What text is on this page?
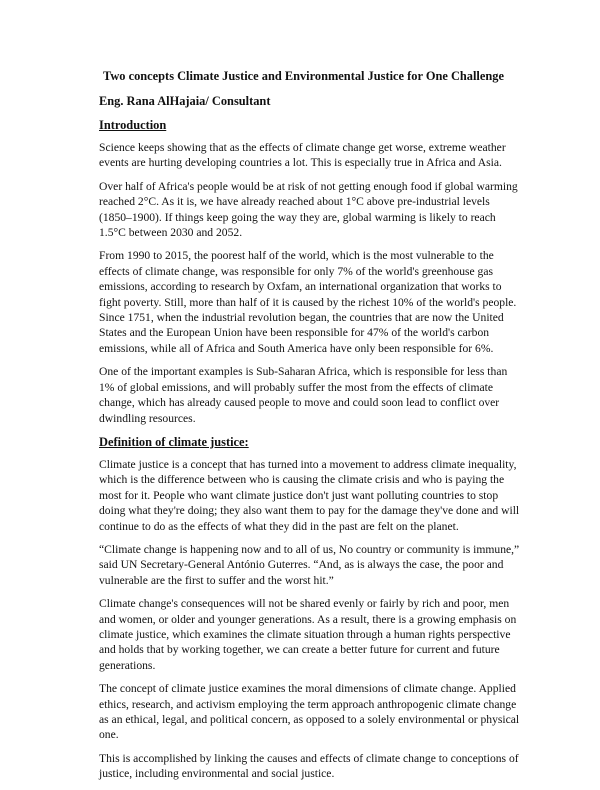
Two concepts Climate Justice and Environmental Justice for One Challenge
Eng. Rana AlHajaia/ Consultant
Introduction

Science keeps showing that as the effects of climate change get worse, extreme weather events are hurting developing countries a lot. This is especially true in Africa and Asia.

Over half of Africa's people would be at risk of not getting enough food if global warming reached 2°C. As it is, we have already reached about 1°C above pre-industrial levels (1850–1900). If things keep going the way they are, global warming is likely to reach 1.5°C between 2030 and 2052.

From 1990 to 2015, the poorest half of the world, which is the most vulnerable to the effects of climate change, was responsible for only 7% of the world's greenhouse gas emissions, according to research by Oxfam, an international organization that works to fight poverty. Still, more than half of it is caused by the richest 10% of the world's people. Since 1751, when the industrial revolution began, the countries that are now the United States and the European Union have been responsible for 47% of the world's carbon emissions, while all of Africa and South America have only been responsible for 6%.

One of the important examples is Sub-Saharan Africa, which is responsible for less than 1% of global emissions, and will probably suffer the most from the effects of climate change, which has already caused people to move and could soon lead to conflict over dwindling resources.

Definition of climate justice:

Climate justice is a concept that has turned into a movement to address climate inequality, which is the difference between who is causing the climate crisis and who is paying the most for it. People who want climate justice don't just want polluting countries to stop doing what they're doing; they also want them to pay for the damage they've done and will continue to do as the effects of what they did in the past are felt on the planet.

“Climate change is happening now and to all of us, No country or community is immune,” said UN Secretary-General António Guterres. “And, as is always the case, the poor and vulnerable are the first to suffer and the worst hit.”

Climate change's consequences will not be shared evenly or fairly by rich and poor, men and women, or older and younger generations. As a result, there is a growing emphasis on climate justice, which examines the climate situation through a human rights perspective and holds that by working together, we can create a better future for current and future generations.

The concept of climate justice examines the moral dimensions of climate change. Applied ethics, research, and activism employing the term approach anthropogenic climate change as an ethical, legal, and political concern, as opposed to a solely environmental or physical one.

This is accomplished by linking the causes and effects of climate change to conceptions of justice, including environmental and social justice.
